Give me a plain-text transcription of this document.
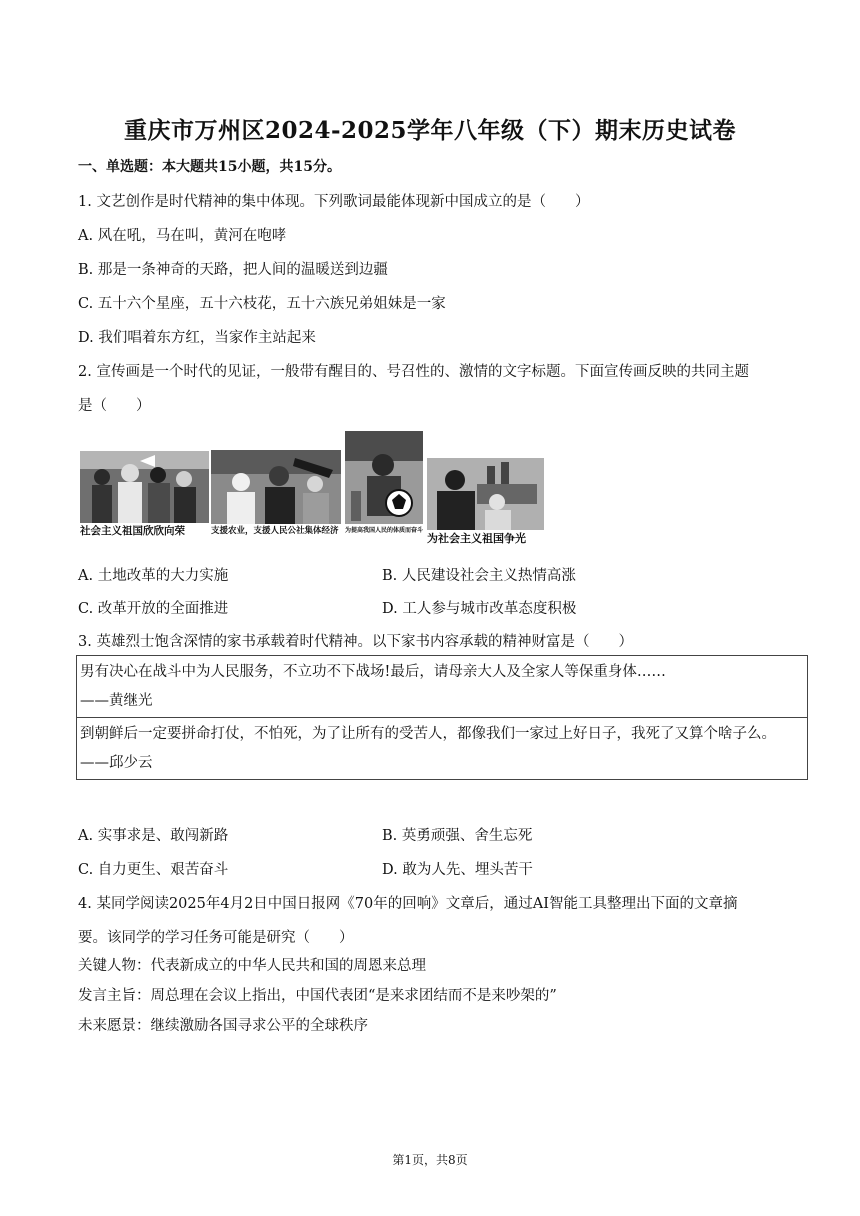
重庆市万州区2024-2025学年八年级（下）期末历史试卷
一、单选题：本大题共15小题，共15分。
1. 文艺创作是时代精神的集中体现。下列歌词最能体现新中国成立的是（　　）
A. 风在吼，马在叫，黄河在咆哮
B. 那是一条神奇的天路，把人间的温暖送到边疆
C. 五十六个星座，五十六枝花，五十六族兄弟姐妹是一家
D. 我们唱着东方红，当家作主站起来
2. 宣传画是一个时代的见证，一般带有醒目的、号召性的、激情的文字标题。下面宣传画反映的共同主题
是（　　）
社会主义祖国欣欣向荣	支援农业，支援人民公社集体经济	为提高我国人民的体质而奋斗
为社会主义祖国争光
A. 土地改革的大力实施	B. 人民建设社会主义热情高涨
C. 改革开放的全面推进	D. 工人参与城市改革态度积极
3. 英雄烈士饱含深情的家书承载着时代精神。以下家书内容承载的精神财富是（　　）
男有决心在战斗中为人民服务，不立功不下战场!最后，请母亲大人及全家人等保重身体……
——黄继光
到朝鲜后一定要拼命打仗，不怕死，为了让所有的受苦人，都像我们一家过上好日子，我死了又算个啥子么。
——邱少云
A. 实事求是、敢闯新路	B. 英勇顽强、舍生忘死
C. 自力更生、艰苦奋斗	D. 敢为人先、埋头苦干
4. 某同学阅读2025年4月2日中国日报网《70年的回响》文章后，通过AI智能工具整理出下面的文章摘
要。该同学的学习任务可能是研究（　　）
关键人物：代表新成立的中华人民共和国的周恩来总理
发言主旨：周总理在会议上指出，中国代表团“是来求团结而不是来吵架的”
未来愿景：继续激励各国寻求公平的全球秩序
第1页，共8页
